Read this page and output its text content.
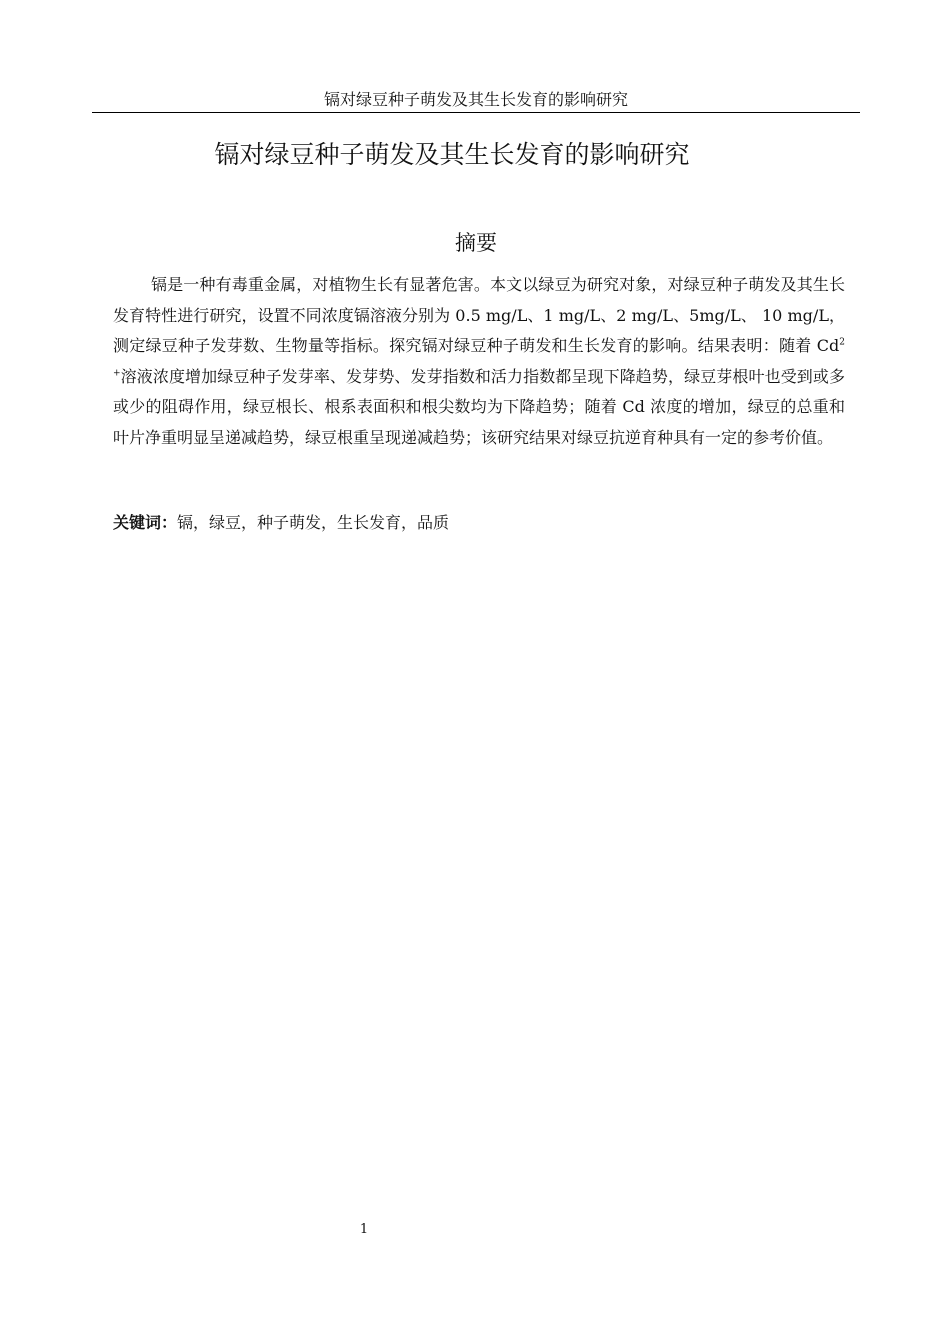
镉对绿豆种子萌发及其生长发育的影响研究
镉对绿豆种子萌发及其生长发育的影响研究
摘要

镉是一种有毒重金属，对植物生长有显著危害。本文以绿豆为研究对象，对绿豆种子萌发及其生长发育特性进行研究，设置不同浓度镉溶液分别为 0.5 mg/L、1 mg/L、2 mg/L、5mg/L、 10 mg/L，测定绿豆种子发芽数、生物量等指标。探究镉对绿豆种子萌发和生长发育的影响。结果表明：随着 $Cd^{2+}$溶液浓度增加绿豆种子发芽率、发芽势、发芽指数和活力指数都呈现下降趋势，绿豆芽根叶也受到或多或少的阻碍作用，绿豆根长、根系表面积和根尖数均为下降趋势；随着 Cd 浓度的增加，绿豆的总重和叶片净重明显呈递减趋势，绿豆根重呈现递减趋势；该研究结果对绿豆抗逆育种具有一定的参考价值。

关键词：镉，绿豆，种子萌发，生长发育，品质

1
